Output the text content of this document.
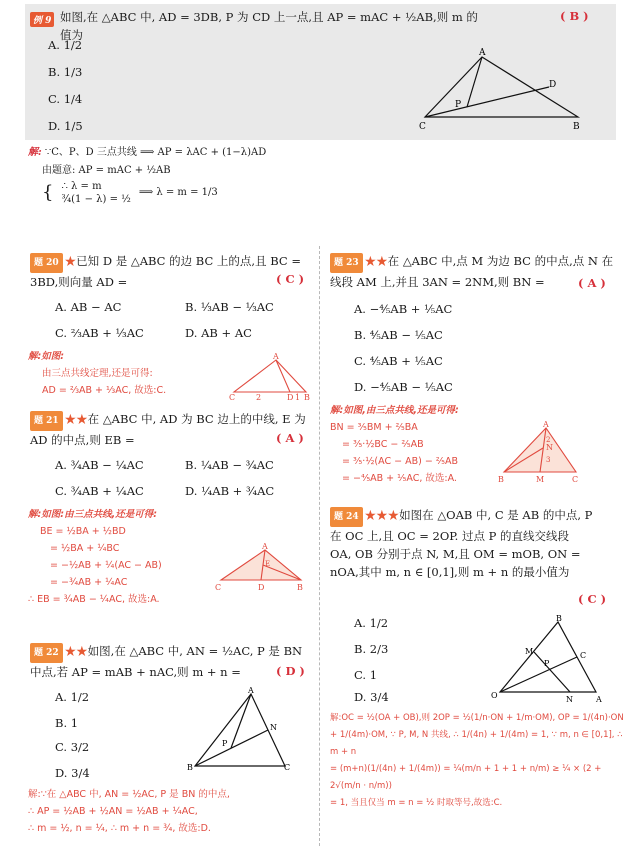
例 9 如图,在 △ABC 中, AD = 3DB, P 为 CD 上一点,且 AP = mAC + ½AB,则 m 的值为
( B )
A. 1/2
B. 1/3
C. 1/4
D. 1/5
A
D
P
C	B
解: ∵C、P、D 三点共线 ⟹ AP = λAC + (1−λ)AD
由题意: AP = mAC + ½AB
{ ∴ λ = m
¾(1 − λ) = ½
⟹ λ = m = 1/3
题 20 ★已知 D 是 △ABC 的边 BC 上的点,且 BC =
3BD,则向量 AD =	( C )
A. AB − AC	B. ⅓AB − ⅓AC
C. ⅔AB + ⅓AC	D. AB + AC
解:如图:
由三点共线定理,还是可得:
AD = ⅔AB + ⅓AC, 故选:C.
A
C	2	D 1 B
题 21 ★★在 △ABC 中, AD 为 BC 边上的中线, E 为
AD 的中点,则 EB =	( A )
A. ¾AB − ¼AC	B. ¼AB − ¾AC
C. ¾AB + ¼AC	D. ¼AB + ¾AC
解:如图:由三点共线,还是可得:
BE = ½BA + ½BD
= ½BA + ¼BC
= −½AB + ¼(AC − AB)
= −¾AB + ¼AC
∴ EB = ¾AB − ¼AC, 故选:A.
A
E
C	D	B
题 22 ★★如图,在 △ABC 中, AN = ½AC, P 是 BN
中点,若 AP = mAB + nAC,则 m + n =	( D )
A. 1/2
B. 1
C. 3/2
D. 3/4
A
N
P
B	C
解:∵在 △ABC 中, AN = ½AC, P 是 BN 的中点,
∴ AP = ½AB + ½AN = ½AB + ¼AC,
∴ m = ½, n = ¼, ∴ m + n = ¾, 故选:D.
题 23 ★★在 △ABC 中,点 M 为边 BC 的中点,点 N 在
线段 AM 上,并且 3AN = 2NM,则 BN =	( A )
A. −⅘AB + ⅕AC
B. ⅘AB − ⅕AC
C. ⅘AB + ⅕AC
D. −⅘AB − ⅕AC
解:如图,由三点共线,还是可得:
BN = ⅗BM + ⅖BA
= ⅗·½BC − ⅖AB
= ⅗·½(AC − AB) − ⅖AB
= −⅘AB + ⅕AC, 故选:A.
A
2
N
3
B	M	C
题 24 ★★★如图在 △OAB 中, C 是 AB 的中点, P
在 OC 上,且 OC = 2OP. 过点 P 的直线交线段
OA, OB 分别于点 N, M,且 OM = mOB, ON =
nOA,其中 m, n ∈ [0,1],则 m + n 的最小值为
( C )
A. 1/2
B. 2/3
C. 1
D. 3/4
B
M	C
P
O	N	A
解:OC = ½(OA + OB),则 2OP = ½(1/n·ON + 1/m·OM), OP = 1/(4n)·ON
+ 1/(4m)·OM, ∵ P, M, N 共线, ∴ 1/(4n) + 1/(4m) = 1, ∵ m, n ∈ [0,1], ∴ m + n
= (m+n)(1/(4n) + 1/(4m)) = ¼(m/n + 1 + 1 + n/m) ≥ ¼ × (2 + 2√(m/n · n/m))
= 1, 当且仅当 m = n = ½ 时取等号,故选:C.
